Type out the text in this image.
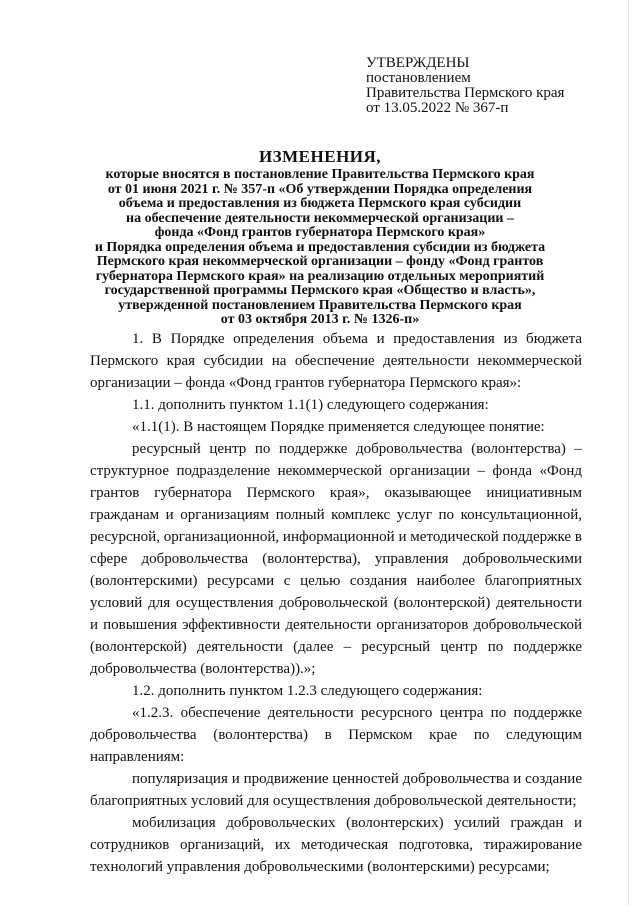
УТВЕРЖДЕНЫ
постановлением
Правительства Пермского края
от 13.05.2022 № 367-п
ИЗМЕНЕНИЯ,
которые вносятся в постановление Правительства Пермского края
от 01 июня 2021 г. № 357-п «Об утверждении Порядка определения
объема и предоставления из бюджета Пермского края субсидии
на обеспечение деятельности некоммерческой организации –
фонда «Фонд грантов губернатора Пермского края»
и Порядка определения объема и предоставления субсидии из бюджета
Пермского края некоммерческой организации – фонду «Фонд грантов
губернатора Пермского края» на реализацию отдельных мероприятий
государственной программы Пермского края «Общество и власть»,
утвержденной постановлением Правительства Пермского края
от 03 октября 2013 г. № 1326-п»

1. В Порядке определения объема и предоставления из бюджета Пермского края субсидии на обеспечение деятельности некоммерческой организации – фонда «Фонд грантов губернатора Пермского края»:

1.1. дополнить пунктом 1.1(1) следующего содержания:

«1.1(1). В настоящем Порядке применяется следующее понятие:

ресурсный центр по поддержке добровольчества (волонтерства) – структурное подразделение некоммерческой организации – фонда «Фонд грантов губернатора Пермского края», оказывающее инициативным гражданам и организациям полный комплекс услуг по консультационной, ресурсной, организационной, информационной и методической поддержке в сфере добровольчества (волонтерства), управления добровольческими (волонтерскими) ресурсами с целью создания наиболее благоприятных условий для осуществления добровольческой (волонтерской) деятельности и повышения эффективности деятельности организаторов добровольческой (волонтерской) деятельности (далее – ресурсный центр по поддержке добровольчества (волонтерства)).»;

1.2. дополнить пунктом 1.2.3 следующего содержания:

«1.2.3. обеспечение деятельности ресурсного центра по поддержке добровольчества (волонтерства) в Пермском крае по следующим направлениям:

популяризация и продвижение ценностей добровольчества и создание благоприятных условий для осуществления добровольческой деятельности;

мобилизация добровольческих (волонтерских) усилий граждан и сотрудников организаций, их методическая подготовка, тиражирование технологий управления добровольческими (волонтерскими) ресурсами;
